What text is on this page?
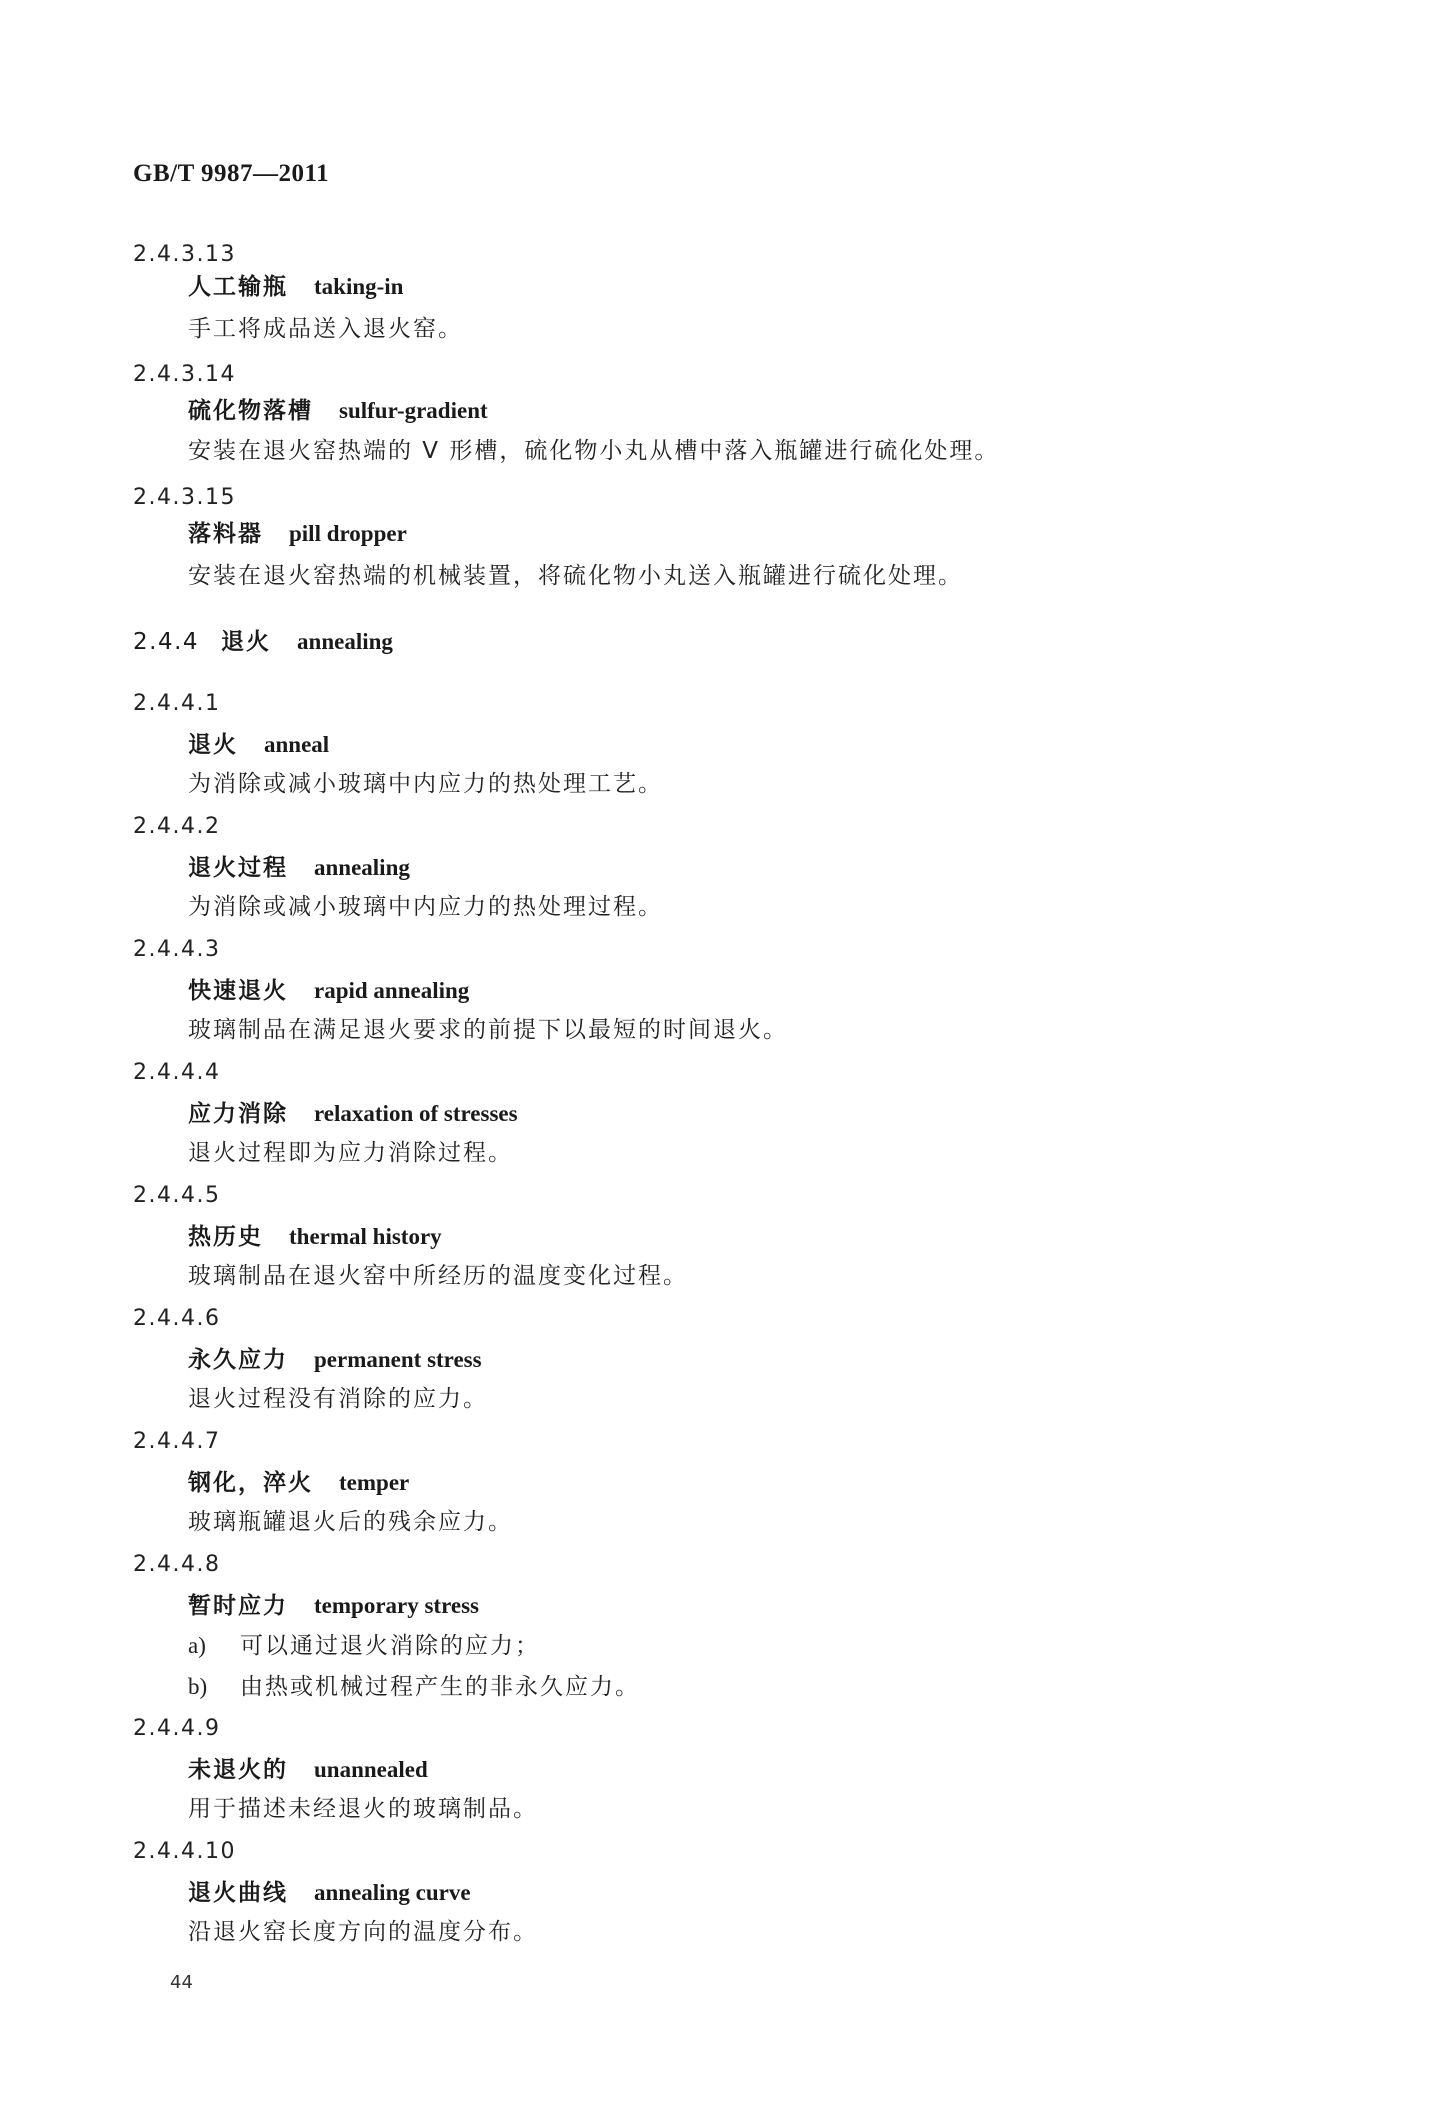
GB/T 9987—2011
2.4.3.13
人工输瓶 taking-in
手工将成品送入退火窑。
2.4.3.14
硫化物落槽 sulfur-gradient
安装在退火窑热端的 V 形槽，硫化物小丸从槽中落入瓶罐进行硫化处理。
2.4.3.15
落料器 pill dropper
安装在退火窑热端的机械装置，将硫化物小丸送入瓶罐进行硫化处理。
2.4.4 退火 annealing
2.4.4.1
退火 anneal
为消除或减小玻璃中内应力的热处理工艺。
2.4.4.2
退火过程 annealing
为消除或减小玻璃中内应力的热处理过程。
2.4.4.3
快速退火 rapid annealing
玻璃制品在满足退火要求的前提下以最短的时间退火。
2.4.4.4
应力消除 relaxation of stresses
退火过程即为应力消除过程。
2.4.4.5
热历史 thermal history
玻璃制品在退火窑中所经历的温度变化过程。
2.4.4.6
永久应力 permanent stress
退火过程没有消除的应力。
2.4.4.7
钢化，淬火 temper
玻璃瓶罐退火后的残余应力。
2.4.4.8
暂时应力 temporary stress
a) 可以通过退火消除的应力；
b) 由热或机械过程产生的非永久应力。
2.4.4.9
未退火的 unannealed
用于描述未经退火的玻璃制品。
2.4.4.10
退火曲线 annealing curve
沿退火窑长度方向的温度分布。
44
